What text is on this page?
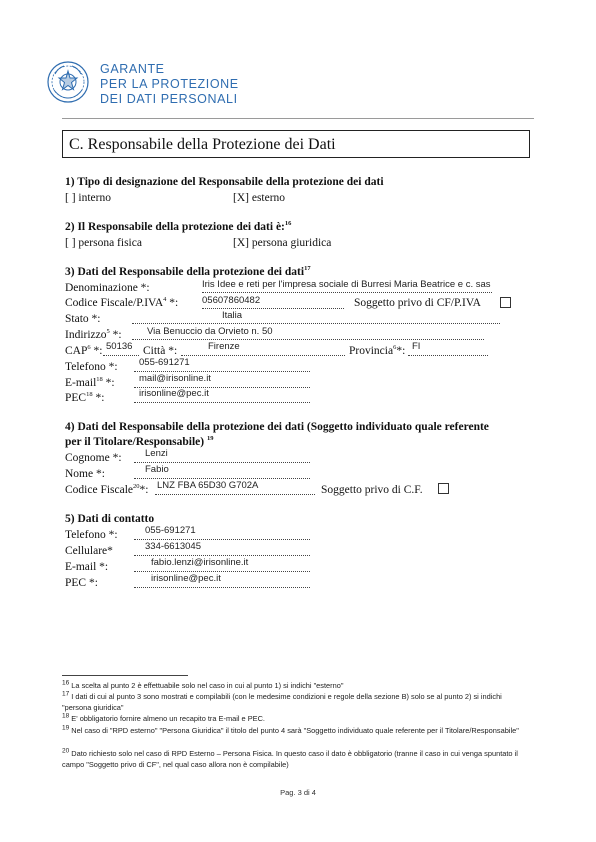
GARANTE
PER LA PROTEZIONE
DEI DATI PERSONALI
C. Responsabile della Protezione dei Dati
1) Tipo di designazione del Responsabile della protezione dei dati
[ ] interno	[X] esterno
2) Il Responsabile della protezione dei dati è:$^{16}$
[ ] persona fisica	[X] persona giuridica
3) Dati del Responsabile della protezione dei dati$^{17}$
Denominazione *:	Iris Idee e reti per l'impresa sociale di Burresi Maria Beatrice e c. sas
Codice Fiscale/P.IVA$^4$ *:	05607860482	Soggetto privo di CF/P.IVA
Stato *:	Italia
Indirizzo$^5$ *:	Via Benuccio da Orvieto n. 50
CAP$^6$ *: 50136 Città *:	Firenze	Provincia$^6$*: FI
Telefono *: 055-691271
E-mail$^{18}$ *:	mail@irisonline.it
PEC$^{18}$ *:	irisonline@pec.it
4) Dati del Responsabile della protezione dei dati (Soggetto individuato quale referente
per il Titolare/Responsabile) $^{19}$
Cognome *: Lenzi
Nome *:	Fabio
Codice Fiscale$^{20}$*: LNZ FBA 65D30 G702A	Soggetto privo di C.F.
5) Dati di contatto
Telefono *:	055-691271
Cellulare*	334-6613045
E-mail *:	fabio.lenzi@irisonline.it
PEC *:	irisonline@pec.it
16 La scelta al punto 2 è effettuabile solo nel caso in cui al punto 1) si indichi "esterno"
17 I dati di cui al punto 3 sono mostrati e compilabili (con le medesime condizioni e regole della sezione B) solo se al punto 2) si indichi "persona giuridica"
18 E' obbligatorio fornire almeno un recapito tra E-mail e PEC.
19 Nel caso di "RPD esterno" "Persona Giuridica" il titolo del punto 4 sarà "Soggetto individuato quale referente per il Titolare/Responsabile"
20 Dato richiesto solo nel caso di RPD Esterno – Persona Fisica. In questo caso il dato è obbligatorio (tranne il caso in cui venga spuntato il campo "Soggetto privo di CF", nel qual caso allora non è compilabile)
Pag. 3 di 4
